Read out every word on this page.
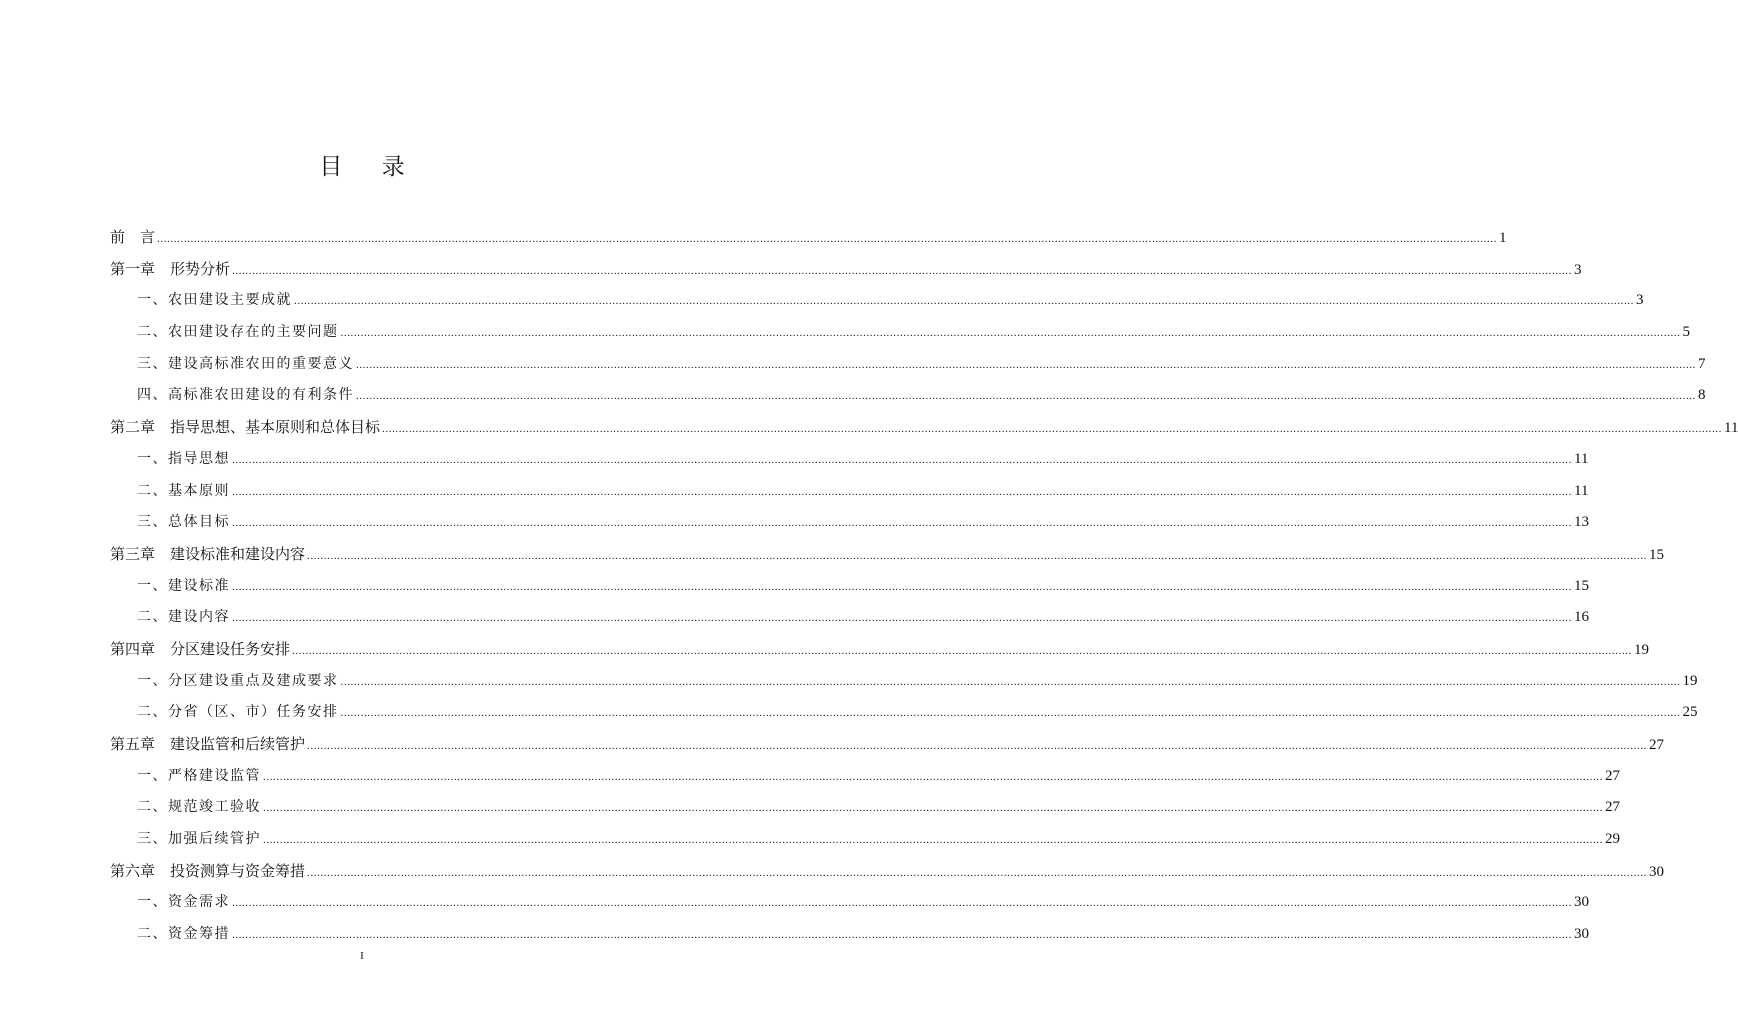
目 录
前　言 ................................................................................................................................................................................................................................................................................................................................................................................................................ 1
第一章　形势分析 ................................................................................................................................................................................................................................................................................................................................................................................................................ 3
一、农田建设主要成就 ................................................................................................................................................................................................................................................................................................................................................................................................................ 3
二、农田建设存在的主要问题 ................................................................................................................................................................................................................................................................................................................................................................................................................ 5
三、建设高标准农田的重要意义 ................................................................................................................................................................................................................................................................................................................................................................................................................ 7
四、高标准农田建设的有利条件 ................................................................................................................................................................................................................................................................................................................................................................................................................ 8
第二章　指导思想、基本原则和总体目标 ................................................................................................................................................................................................................................................................................................................................................................................................................ 11
一、指导思想 ................................................................................................................................................................................................................................................................................................................................................................................................................ 11
二、基本原则 ................................................................................................................................................................................................................................................................................................................................................................................................................ 11
三、总体目标 ................................................................................................................................................................................................................................................................................................................................................................................................................ 13
第三章　建设标准和建设内容 ................................................................................................................................................................................................................................................................................................................................................................................................................ 15
一、建设标准 ................................................................................................................................................................................................................................................................................................................................................................................................................ 15
二、建设内容 ................................................................................................................................................................................................................................................................................................................................................................................................................ 16
第四章　分区建设任务安排 ................................................................................................................................................................................................................................................................................................................................................................................................................ 19
一、分区建设重点及建成要求 ................................................................................................................................................................................................................................................................................................................................................................................................................ 19
二、分省（区、市）任务安排 ................................................................................................................................................................................................................................................................................................................................................................................................................ 25
第五章　建设监管和后续管护 ................................................................................................................................................................................................................................................................................................................................................................................................................ 27
一、严格建设监管 ................................................................................................................................................................................................................................................................................................................................................................................................................ 27
二、规范竣工验收 ................................................................................................................................................................................................................................................................................................................................................................................................................ 27
三、加强后续管护 ................................................................................................................................................................................................................................................................................................................................................................................................................ 29
第六章　投资测算与资金筹措 ................................................................................................................................................................................................................................................................................................................................................................................................................ 30
一、资金需求 ................................................................................................................................................................................................................................................................................................................................................................................................................ 30
二、资金筹措 ................................................................................................................................................................................................................................................................................................................................................................................................................ 30
I
